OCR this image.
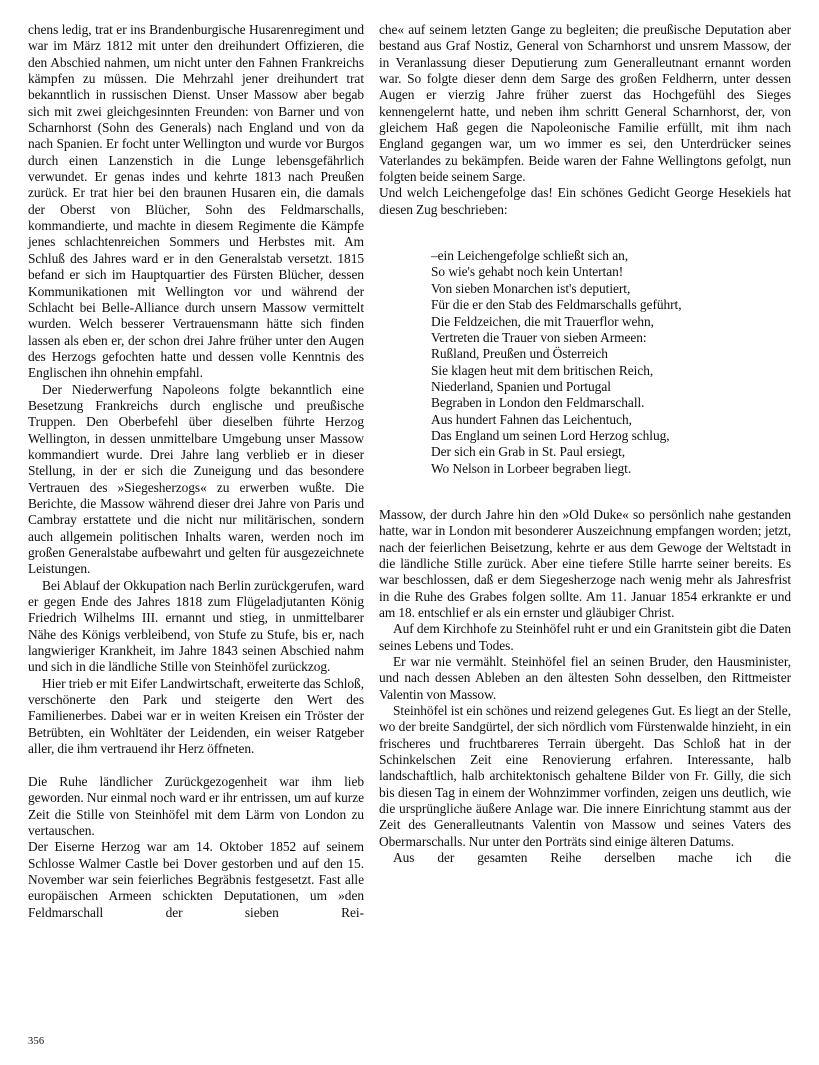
chens ledig, trat er ins Brandenburgische Husarenregiment und war im März 1812 mit unter den dreihundert Offizieren, die den Abschied nahmen, um nicht unter den Fahnen Frankreichs kämpfen zu müssen. Die Mehrzahl jener dreihundert trat bekanntlich in russischen Dienst. Unser Massow aber begab sich mit zwei gleichgesinnten Freunden: von Barner und von Scharnhorst (Sohn des Generals) nach England und von da nach Spanien. Er focht unter Wellington und wurde vor Burgos durch einen Lanzenstich in die Lunge lebensgefährlich verwundet. Er genas indes und kehrte 1813 nach Preußen zurück. Er trat hier bei den braunen Husaren ein, die damals der Oberst von Blücher, Sohn des Feldmarschalls, kommandierte, und machte in diesem Regimente die Kämpfe jenes schlachtenreichen Sommers und Herbstes mit. Am Schluß des Jahres ward er in den Generalstab versetzt. 1815 befand er sich im Hauptquartier des Fürsten Blücher, dessen Kommunikationen mit Wellington vor und während der Schlacht bei Belle-Alliance durch unsern Massow vermittelt wurden. Welch besserer Vertrauensmann hätte sich finden lassen als eben er, der schon drei Jahre früher unter den Augen des Herzogs gefochten hatte und dessen volle Kenntnis des Englischen ihn ohnehin empfahl.

Der Niederwerfung Napoleons folgte bekanntlich eine Besetzung Frankreichs durch englische und preußische Truppen. Den Oberbefehl über dieselben führte Herzog Wellington, in dessen unmittelbare Umgebung unser Massow kommandiert wurde. Drei Jahre lang verblieb er in dieser Stellung, in der er sich die Zuneigung und das besondere Vertrauen des »Siegesherzogs« zu erwerben wußte. Die Berichte, die Massow während dieser drei Jahre von Paris und Cambray erstattete und die nicht nur militärischen, sondern auch allgemein politischen Inhalts waren, werden noch im großen Generalstabe aufbewahrt und gelten für ausgezeichnete Leistungen.

Bei Ablauf der Okkupation nach Berlin zurückgerufen, ward er gegen Ende des Jahres 1818 zum Flügeladjutanten König Friedrich Wilhelms III. ernannt und stieg, in unmittelbarer Nähe des Königs verbleibend, von Stufe zu Stufe, bis er, nach langwieriger Krankheit, im Jahre 1843 seinen Abschied nahm und sich in die ländliche Stille von Steinhöfel zurückzog.

Hier trieb er mit Eifer Landwirtschaft, erweiterte das Schloß, verschönerte den Park und steigerte den Wert des Familienerbes. Dabei war er in weiten Kreisen ein Tröster der Betrübten, ein Wohltäter der Leidenden, ein weiser Ratgeber aller, die ihm vertrauend ihr Herz öffneten.

Die Ruhe ländlicher Zurückgezogenheit war ihm lieb geworden. Nur einmal noch ward er ihr entrissen, um auf kurze Zeit die Stille von Steinhöfel mit dem Lärm von London zu vertauschen.

Der Eiserne Herzog war am 14. Oktober 1852 auf seinem Schlosse Walmer Castle bei Dover gestorben und auf den 15. November war sein feierliches Begräbnis festgesetzt. Fast alle europäischen Armeen schickten Deputationen, um »den Feldmarschall der sieben Rei-

che« auf seinem letzten Gange zu begleiten; die preußische Deputation aber bestand aus Graf Nostiz, General von Scharnhorst und unsrem Massow, der in Veranlassung dieser Deputierung zum Generalleutnant ernannt worden war. So folgte dieser denn dem Sarge des großen Feldherrn, unter dessen Augen er vierzig Jahre früher zuerst das Hochgefühl des Sieges kennengelernt hatte, und neben ihm schritt General Scharnhorst, der, von gleichem Haß gegen die Napoleonische Familie erfüllt, mit ihm nach England gegangen war, um wo immer es sei, den Unterdrücker seines Vaterlandes zu bekämpfen. Beide waren der Fahne Wellingtons gefolgt, nun folgten beide seinem Sarge.

Und welch Leichengefolge das! Ein schönes Gedicht George Hesekiels hat diesen Zug beschrieben:

–ein Leichengefolge schließt sich an,
So wie's gehabt noch kein Untertan!
Von sieben Monarchen ist's deputiert,
Für die er den Stab des Feldmarschalls geführt,
Die Feldzeichen, die mit Trauerflor wehn,
Vertreten die Trauer von sieben Armeen:
Rußland, Preußen und Österreich
Sie klagen heut mit dem britischen Reich,
Niederland, Spanien und Portugal
Begraben in London den Feldmarschall.
Aus hundert Fahnen das Leichentuch,
Das England um seinen Lord Herzog schlug,
Der sich ein Grab in St. Paul ersiegt,
Wo Nelson in Lorbeer begraben liegt.

Massow, der durch Jahre hin den »Old Duke« so persönlich nahe gestanden hatte, war in London mit besonderer Auszeichnung empfangen worden; jetzt, nach der feierlichen Beisetzung, kehrte er aus dem Gewoge der Weltstadt in die ländliche Stille zurück. Aber eine tiefere Stille harrte seiner bereits. Es war beschlossen, daß er dem Siegesherzoge nach wenig mehr als Jahresfrist in die Ruhe des Grabes folgen sollte. Am 11. Januar 1854 erkrankte er und am 18. entschlief er als ein ernster und gläubiger Christ.

Auf dem Kirchhofe zu Steinhöfel ruht er und ein Granitstein gibt die Daten seines Lebens und Todes.

Er war nie vermählt. Steinhöfel fiel an seinen Bruder, den Hausminister, und nach dessen Ableben an den ältesten Sohn desselben, den Rittmeister Valentin von Massow.

Steinhöfel ist ein schönes und reizend gelegenes Gut. Es liegt an der Stelle, wo der breite Sandgürtel, der sich nördlich vom Fürstenwalde hinzieht, in ein frischeres und fruchtbareres Terrain übergeht. Das Schloß hat in der Schinkelschen Zeit eine Renovierung erfahren. Interessante, halb landschaftlich, halb architektonisch gehaltene Bilder von Fr. Gilly, die sich bis diesen Tag in einem der Wohnzimmer vorfinden, zeigen uns deutlich, wie die ursprüngliche äußere Anlage war. Die innere Einrichtung stammt aus der Zeit des Generalleutnants Valentin von Massow und seines Vaters des Obermarschalls. Nur unter den Porträts sind einige älteren Datums.

Aus der gesamten Reihe derselben mache ich die

356
